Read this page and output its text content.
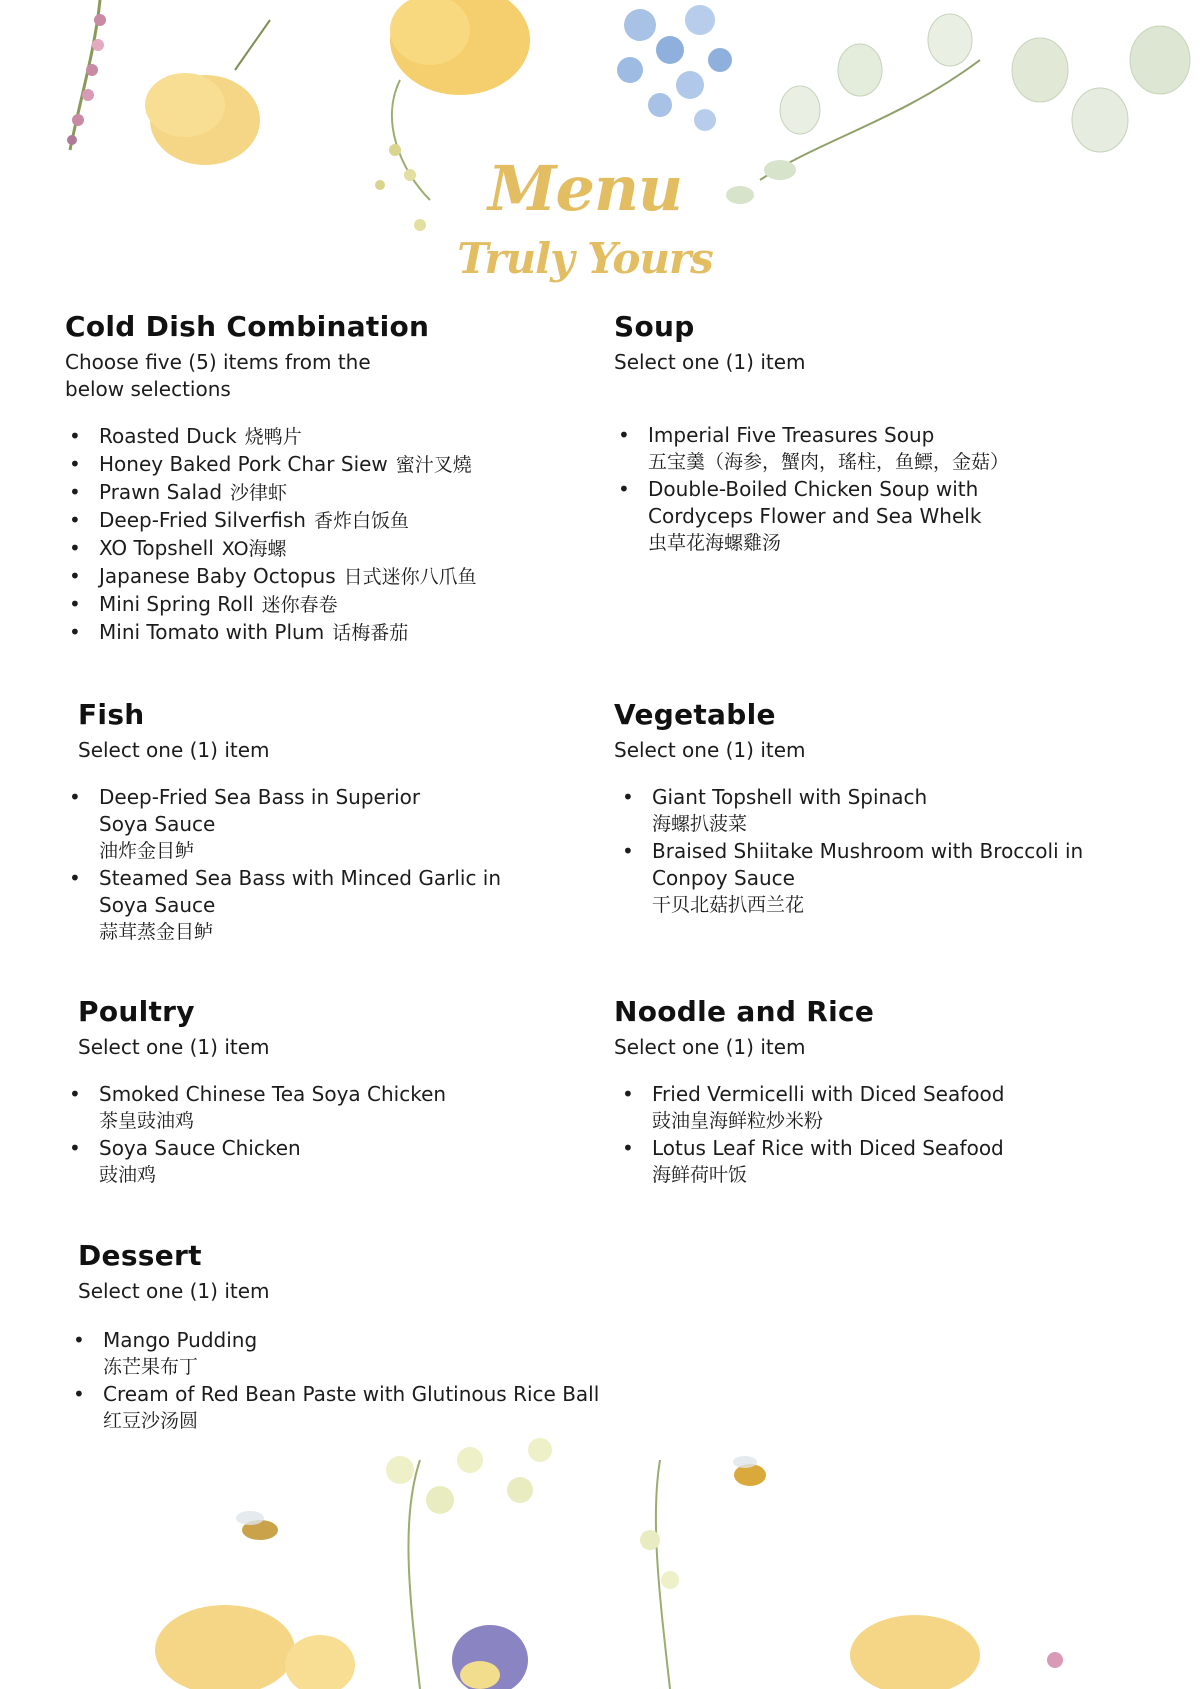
Menu
Truly Yours
Cold Dish Combination

Choose five (5) items from the
below selections

• Roasted Duck 烧鸭片
• Honey Baked Pork Char Siew 蜜汁叉燒
• Prawn Salad 沙律虾
• Deep-Fried Silverfish 香炸白饭鱼
• XO Topshell XO海螺
• Japanese Baby Octopus 日式迷你八爪鱼
• Mini Spring Roll 迷你春卷
• Mini Tomato with Plum 话梅番茄
Soup

Select one (1) item

• Imperial Five Treasures Soup
五宝羹（海参，蟹肉，瑤柱，鱼鳔，金菇）
• Double-Boiled Chicken Soup with
Cordyceps Flower and Sea Whelk
虫草花海螺雞汤
Fish

Select one (1) item

• Deep-Fried Sea Bass in Superior
Soya Sauce
油炸金目鲈
• Steamed Sea Bass with Minced Garlic in
Soya Sauce
蒜茸蒸金目鲈
Vegetable

Select one (1) item

• Giant Topshell with Spinach
海螺扒菠菜
• Braised Shiitake Mushroom with Broccoli in
Conpoy Sauce
干贝北菇扒西兰花
Poultry

Select one (1) item

• Smoked Chinese Tea Soya Chicken
茶皇豉油鸡
• Soya Sauce Chicken
豉油鸡
Noodle and Rice

Select one (1) item

• Fried Vermicelli with Diced Seafood
豉油皇海鲜粒炒米粉
• Lotus Leaf Rice with Diced Seafood
海鲜荷叶饭
Dessert

Select one (1) item

• Mango Pudding
冻芒果布丁
• Cream of Red Bean Paste with Glutinous Rice Ball
红豆沙汤圆
